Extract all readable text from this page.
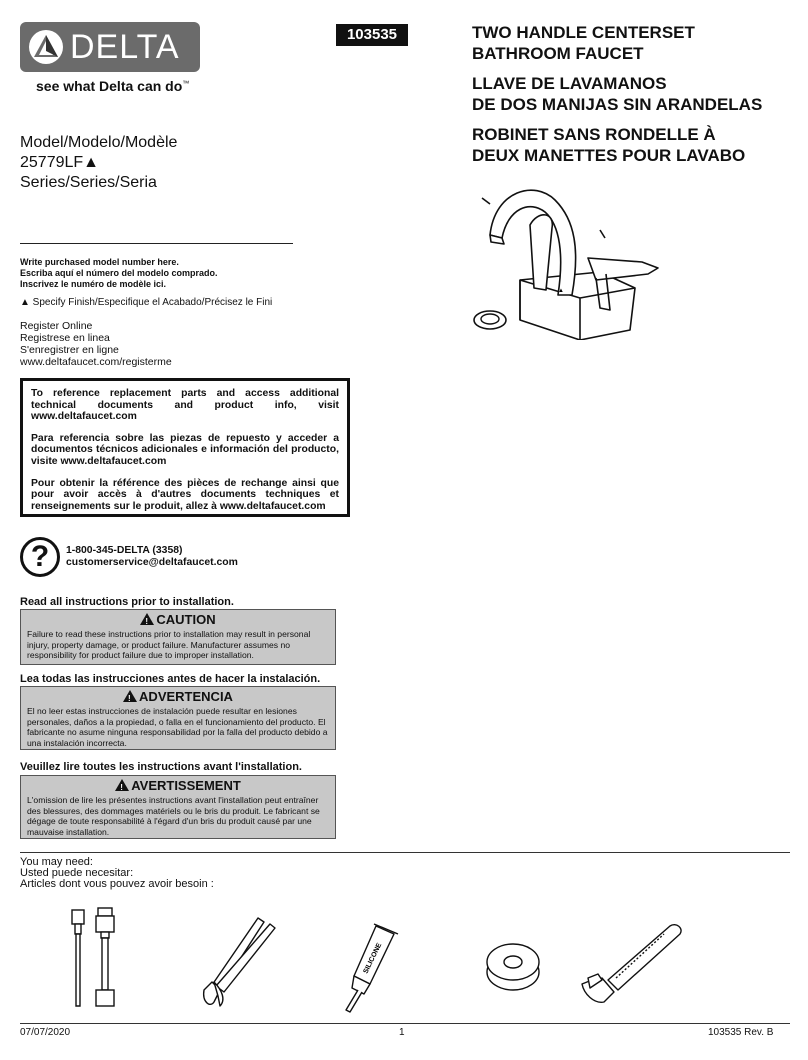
DELTA
see what Delta can do™
103535	TWO HANDLE CENTERSET BATHROOM FAUCET
LLAVE DE LAVAMANOS
DE DOS MANIJAS SIN ARANDELAS
ROBINET SANS RONDELLE À
DEUX MANETTES POUR LAVABO
Model/Modelo/Modèle
25779LF▲
Series/Series/Seria
Write purchased model number here.
Escriba aquí el número del modelo comprado.
Inscrivez le numéro de modèle ici.
▲ Specify Finish/Especifique el Acabado/Précisez le Fini
Register Online
Registrese en linea
S'enregistrer en ligne
www.deltafaucet.com/registerme

To reference replacement parts and access additional technical documents and product info, visit www.deltafaucet.com

Para referencia sobre las piezas de repuesto y acceder a documentos técnicos adicionales e información del producto, visite www.deltafaucet.com

Pour obtenir la référence des pièces de rechange ainsi que pour avoir accès à d'autres documents techniques et renseignements sur le produit, allez à www.deltafaucet.com

?	1-800-345-DELTA (3358)
customerservice@deltafaucet.com
Read all instructions prior to installation.
!CAUTION
Failure to read these instructions prior to installation may result in personal injury, property damage, or product failure. Manufacturer assumes no responsibility for product failure due to improper installation.
Lea todas las instrucciones antes de hacer la instalación.
!ADVERTENCIA
El no leer estas instrucciones de instalación puede resultar en lesiones personales, daños a la propiedad, o falla en el funcionamiento del producto. El fabricante no asume ninguna responsabilidad por la falla del producto debido a una instalación incorrecta.
Veuillez lire toutes les instructions avant l'installation.
!AVERTISSEMENT
L'omission de lire les présentes instructions avant l'installation peut entraîner des blessures, des dommages matériels ou le bris du produit. Le fabricant se dégage de toute responsabilité à l'égard d'un bris du produit causé par une mauvaise installation.
▲
You may need:
Usted puede necesitar:
Articles dont vous pouvez avoir besoin :
SILICONE
07/07/2020	1	103535 Rev. B
